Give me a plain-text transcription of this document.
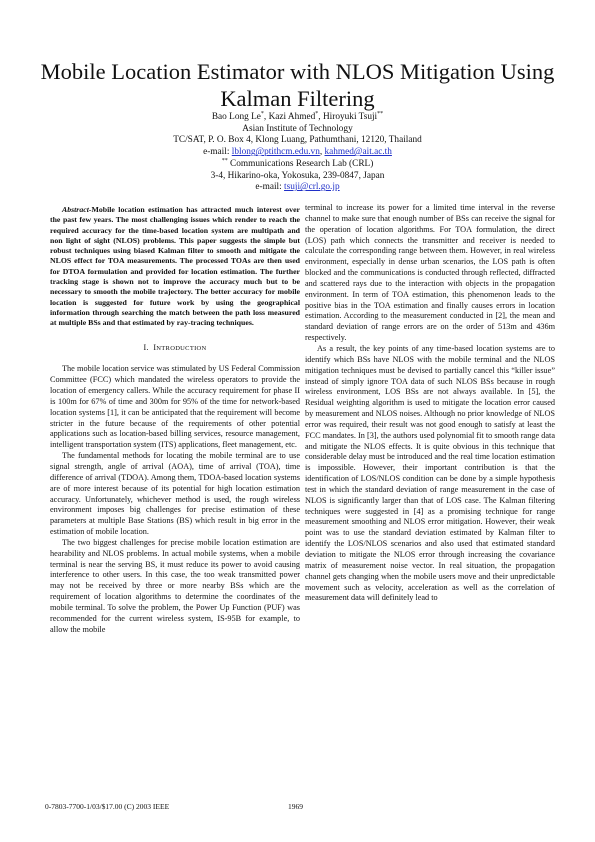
Mobile Location Estimator with NLOS Mitigation Using Kalman Filtering
Bao Long Le*, Kazi Ahmed*, Hiroyuki Tsuji**
Asian Institute of Technology
TC/SAT, P. O. Box 4, Klong Luang, Pathumthani, 12120, Thailand
e-mail: lblong@ptithcm.edu.vn, kahmed@ait.ac.th
** Communications Research Lab (CRL)
3-4, Hikarino-oka, Yokosuka, 239-0847, Japan
e-mail: tsuji@crl.go.jp

Abstract-Mobile location estimation has attracted much interest over the past few years. The most challenging issues which render to reach the required accuracy for the time-based location system are multipath and non light of sight (NLOS) problems. This paper suggests the simple but robust techniques using biased Kalman filter to smooth and mitigate the NLOS effect for TOA measurements. The processed TOAs are then used for DTOA formulation and provided for location estimation. The further tracking stage is shown not to improve the accuracy much but to be necessary to smooth the mobile trajectory. The better accuracy for mobile location is suggested for future work by using the geographical information through searching the match between the path loss measured at multiple BSs and that estimated by ray-tracing techniques.

I. INTRODUCTION

The mobile location service was stimulated by US Federal Commission Committee (FCC) which mandated the wireless operators to provide the location of emergency callers. While the accuracy requirement for phase II is 100m for 67% of time and 300m for 95% of the time for network-based location systems [1], it can be anticipated that the requirement will become stricter in the future because of the requirements of other potential applications such as location-based billing services, resource management, intelligent transportation system (ITS) applications, fleet management, etc.

The fundamental methods for locating the mobile terminal are to use signal strength, angle of arrival (AOA), time of arrival (TOA), time difference of arrival (TDOA). Among them, TDOA-based location systems are of more interest because of its potential for high location estimation accuracy. Unfortunately, whichever method is used, the rough wireless environment imposes big challenges for precise estimation of these parameters at multiple Base Stations (BS) which result in big error in the estimation of mobile location.

The two biggest challenges for precise mobile location estimation are hearability and NLOS problems. In actual mobile systems, when a mobile terminal is near the serving BS, it must reduce its power to avoid causing interference to other users. In this case, the too weak transmitted power may not be received by three or more nearby BSs which are the requirement of location algorithms to determine the coordinates of the mobile terminal. To solve the problem, the Power Up Function (PUF) was recommended for the current wireless system, IS-95B for example, to allow the mobile

terminal to increase its power for a limited time interval in the reverse channel to make sure that enough number of BSs can receive the signal for the operation of location algorithms. For TOA formulation, the direct (LOS) path which connects the transmitter and receiver is needed to calculate the corresponding range between them. However, in real wireless environment, especially in dense urban scenarios, the LOS path is often blocked and the communications is conducted through reflected, diffracted and scattered rays due to the interaction with objects in the propagation environment. In term of TOA estimation, this phenomenon leads to the positive bias in the TOA estimation and finally causes errors in location estimation. According to the measurement conducted in [2], the mean and standard deviation of range errors are on the order of 513m and 436m respectively.

As a result, the key points of any time-based location systems are to identify which BSs have NLOS with the mobile terminal and the NLOS mitigation techniques must be devised to partially cancel this “killer issue” instead of simply ignore TOA data of such NLOS BSs because in rough wireless environment, LOS BSs are not always available. In [5], the Residual weighting algorithm is used to mitigate the location error caused by measurement and NLOS noises. Although no prior knowledge of NLOS error was required, their result was not good enough to satisfy at least the FCC mandates. In [3], the authors used polynomial fit to smooth range data and mitigate the NLOS effects. It is quite obvious in this technique that considerable delay must be introduced and the real time location estimation is impossible. However, their important contribution is that the identification of LOS/NLOS condition can be done by a simple hypothesis test in which the standard deviation of range measurement in the case of NLOS is significantly larger than that of LOS case. The Kalman filtering techniques were suggested in [4] as a promising technique for range measurement smoothing and NLOS error mitigation. However, their weak point was to use the standard deviation estimated by Kalman filter to identify the LOS/NLOS scenarios and also used that estimated standard deviation to mitigate the NLOS error through increasing the covariance matrix of measurement noise vector. In real situation, the propagation channel gets changing when the mobile users move and their unpredictable movement such as velocity, acceleration as well as the correlation of measurement data will definitely lead to

0-7803-7700-1/03/$17.00 (C) 2003 IEEE	1969
